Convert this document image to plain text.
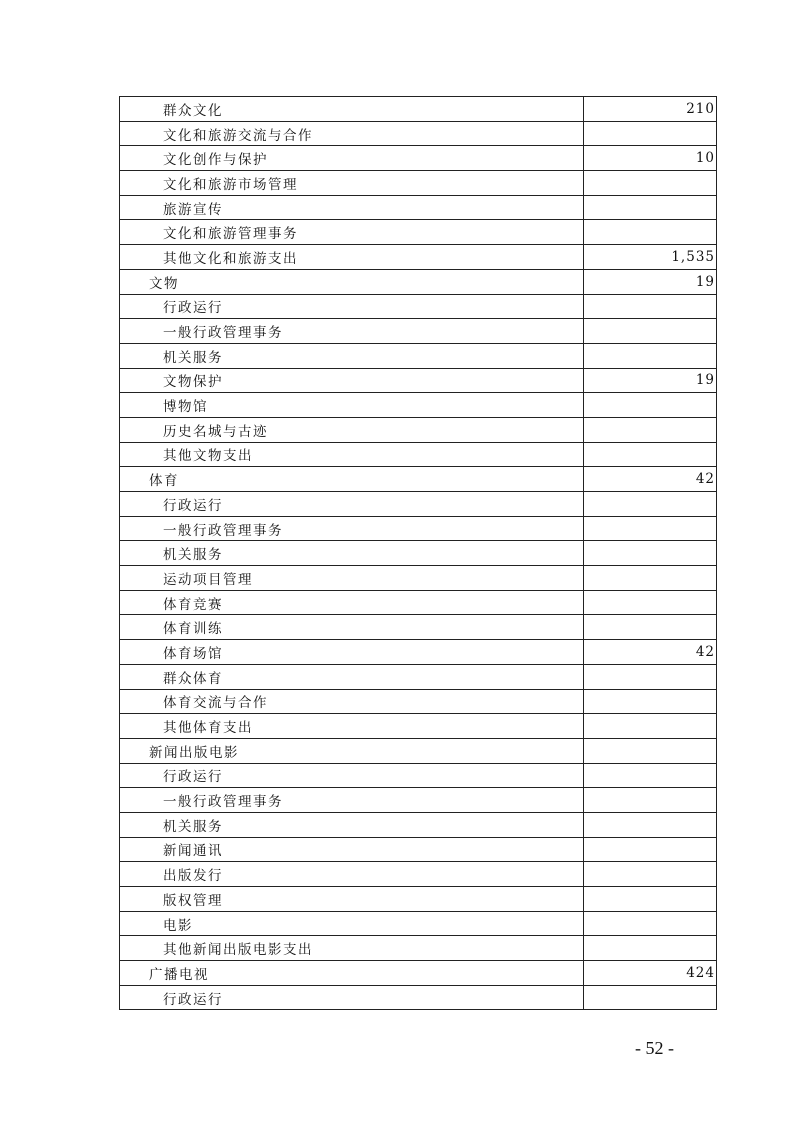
群众文化	210
文化和旅游交流与合作	
文化创作与保护	10
文化和旅游市场管理	
旅游宣传	
文化和旅游管理事务	
其他文化和旅游支出	1,535
文物	19
行政运行	
一般行政管理事务	
机关服务	
文物保护	19
博物馆	
历史名城与古迹	
其他文物支出	
体育	42
行政运行	
一般行政管理事务	
机关服务	
运动项目管理	
体育竞赛	
体育训练	
体育场馆	42
群众体育	
体育交流与合作	
其他体育支出	
新闻出版电影	
行政运行	
一般行政管理事务	
机关服务	
新闻通讯	
出版发行	
版权管理	
电影	
其他新闻出版电影支出	
广播电视	424
行政运行	
- 52 -
